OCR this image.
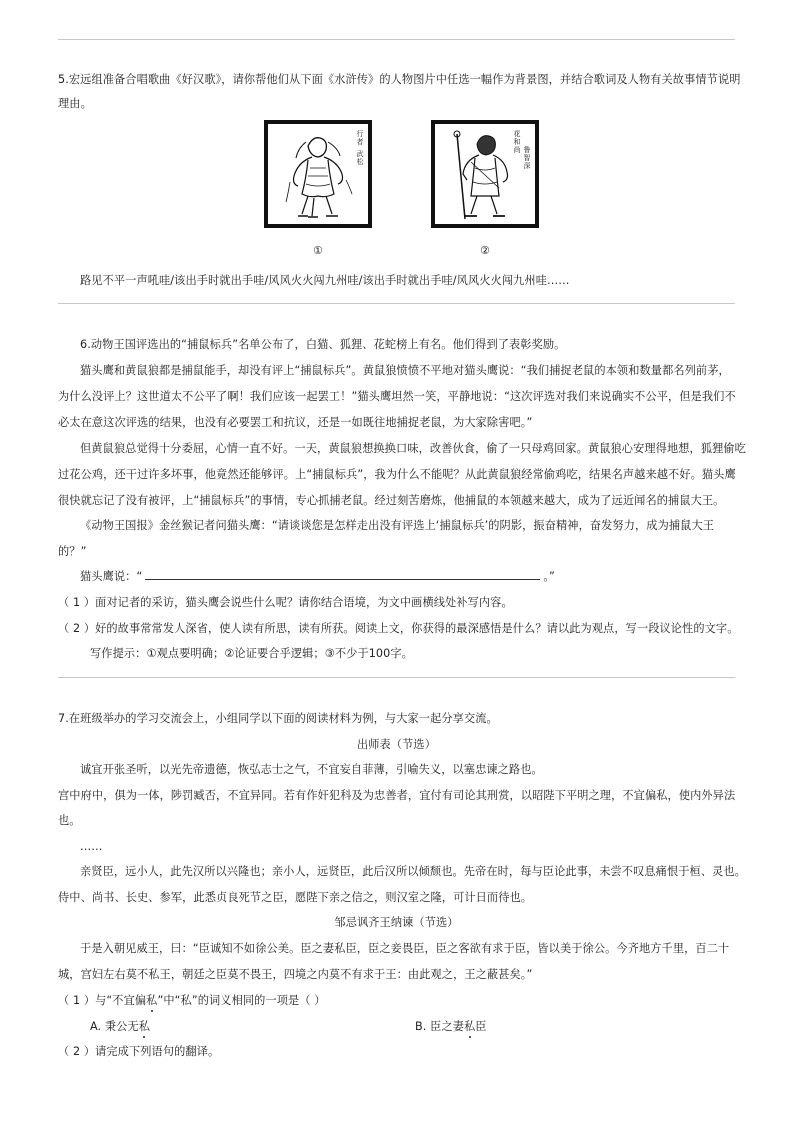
5.宏远组准备合唱歌曲《好汉歌》，请你帮他们从下面《水浒传》的人物图片中任选一幅作为背景图，并结合歌词及人物有关故事情节说明
理由。
行者
武松
①
花和尚 鲁智深
②
路见不平一声吼哇/该出手时就出手哇/风风火火闯九州哇/该出手时就出手哇/风风火火闯九州哇……
6.动物王国评选出的“捕鼠标兵”名单公布了，白猫、狐狸、花蛇榜上有名。他们得到了表彰奖励。
猫头鹰和黄鼠狼都是捕鼠能手，却没有评上“捕鼠标兵”。黄鼠狼愤愤不平地对猫头鹰说：“我们捕捉老鼠的本领和数量都名列前茅，
为什么没评上？这世道太不公平了啊！我们应该一起罢工！”猫头鹰坦然一笑，平静地说：“这次评选对我们来说确实不公平，但是我们不
必太在意这次评选的结果，也没有必要罢工和抗议，还是一如既往地捕捉老鼠，为大家除害吧。”
但黄鼠狼总觉得十分委屈，心情一直不好。一天，黄鼠狼想换换口味，改善伙食，偷了一只母鸡回家。黄鼠狼心安理得地想，狐狸偷吃
过花公鸡，还干过许多坏事，他竟然还能够评。上“捕鼠标兵”，我为什么不能呢？从此黄鼠狼经常偷鸡吃，结果名声越来越不好。猫头鹰
很快就忘记了没有被评，上“捕鼠标兵”的事情，专心抓捕老鼠。经过刻苦磨炼，他捕鼠的本领越来越大，成为了远近闻名的捕鼠大王。
《动物王国报》金丝猴记者问猫头鹰：“请谈谈您是怎样走出没有评选上‘捕鼠标兵’的阴影，振奋精神，奋发努力，成为捕鼠大王
的？”
猫头鹰说：“	。”
（ 1 ）面对记者的采访，猫头鹰会说些什么呢？请你结合语境，为文中画横线处补写内容。
（ 2 ）好的故事常常发人深省，使人读有所思，读有所获。阅读上文，你获得的最深感悟是什么？请以此为观点，写一段议论性的文字。
写作提示：①观点要明确；②论证要合乎逻辑；③不少于100字。
7.在班级举办的学习交流会上，小组同学以下面的阅读材料为例，与大家一起分享交流。
出师表（节选）
诚宜开张圣听，以光先帝遗德，恢弘志士之气，不宜妄自菲薄，引喻失义，以塞忠谏之路也。
宫中府中，俱为一体，陟罚臧否，不宜异同。若有作奸犯科及为忠善者，宜付有司论其刑赏，以昭陛下平明之理，不宜偏私，使内外异法
也。
……
亲贤臣，远小人，此先汉所以兴隆也；亲小人，远贤臣，此后汉所以倾颓也。先帝在时，每与臣论此事，未尝不叹息痛恨于桓、灵也。
侍中、尚书、长史、参军，此悉贞良死节之臣，愿陛下亲之信之，则汉室之隆，可计日而待也。
邹忌讽齐王纳谏（节选）
于是入朝见威王，曰：“臣诚知不如徐公美。臣之妻私臣，臣之妾畏臣，臣之客欲有求于臣，皆以美于徐公。今齐地方千里，百二十
城，宫妇左右莫不私王，朝廷之臣莫不畏王，四境之内莫不有求于王：由此观之，王之蔽甚矣。”
（ 1 ）与“不宜偏私”中“私”的词义相同的一项是（ ）
A. 秉公无私	B. 臣之妻私臣
（ 2 ）请完成下列语句的翻译。
